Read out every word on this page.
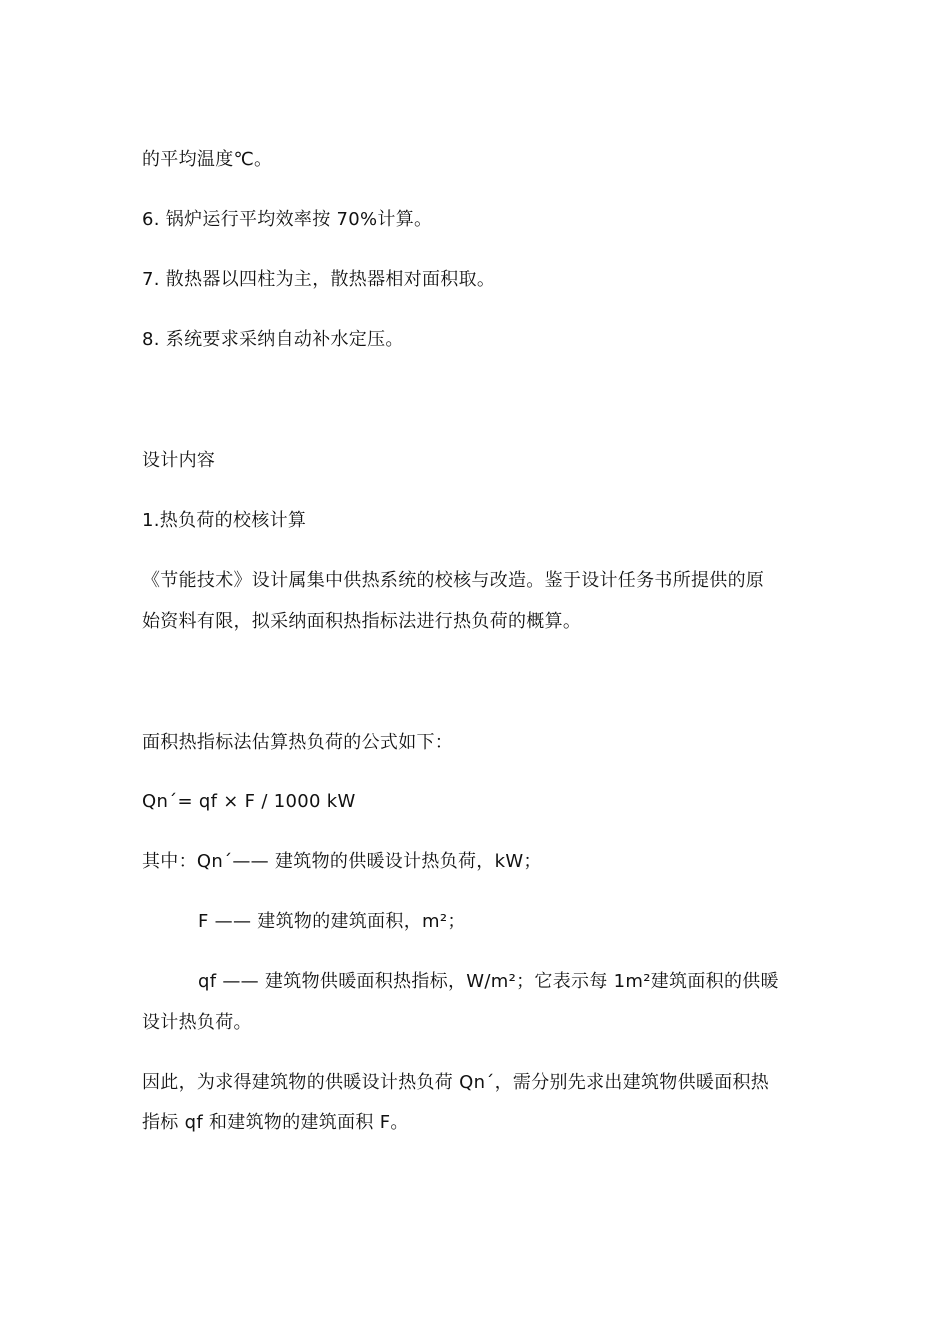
的平均温度℃。
6. 锅炉运行平均效率按 70%计算。
7. 散热器以四柱为主，散热器相对面积取。
8. 系统要求采纳自动补水定压。
设计内容
1.热负荷的校核计算
《节能技术》设计属集中供热系统的校核与改造。鉴于设计任务书所提供的原
始资料有限，拟采纳面积热指标法进行热负荷的概算。
面积热指标法估算热负荷的公式如下：
Qn´= qf × F / 1000 kW
其中：Qn´—— 建筑物的供暖设计热负荷，kW；
F —— 建筑物的建筑面积，m²；
qf —— 建筑物供暖面积热指标，W/m²；它表示每 1m²建筑面积的供暖
设计热负荷。
因此，为求得建筑物的供暖设计热负荷 Qn´，需分别先求出建筑物供暖面积热
指标 qf 和建筑物的建筑面积 F。
